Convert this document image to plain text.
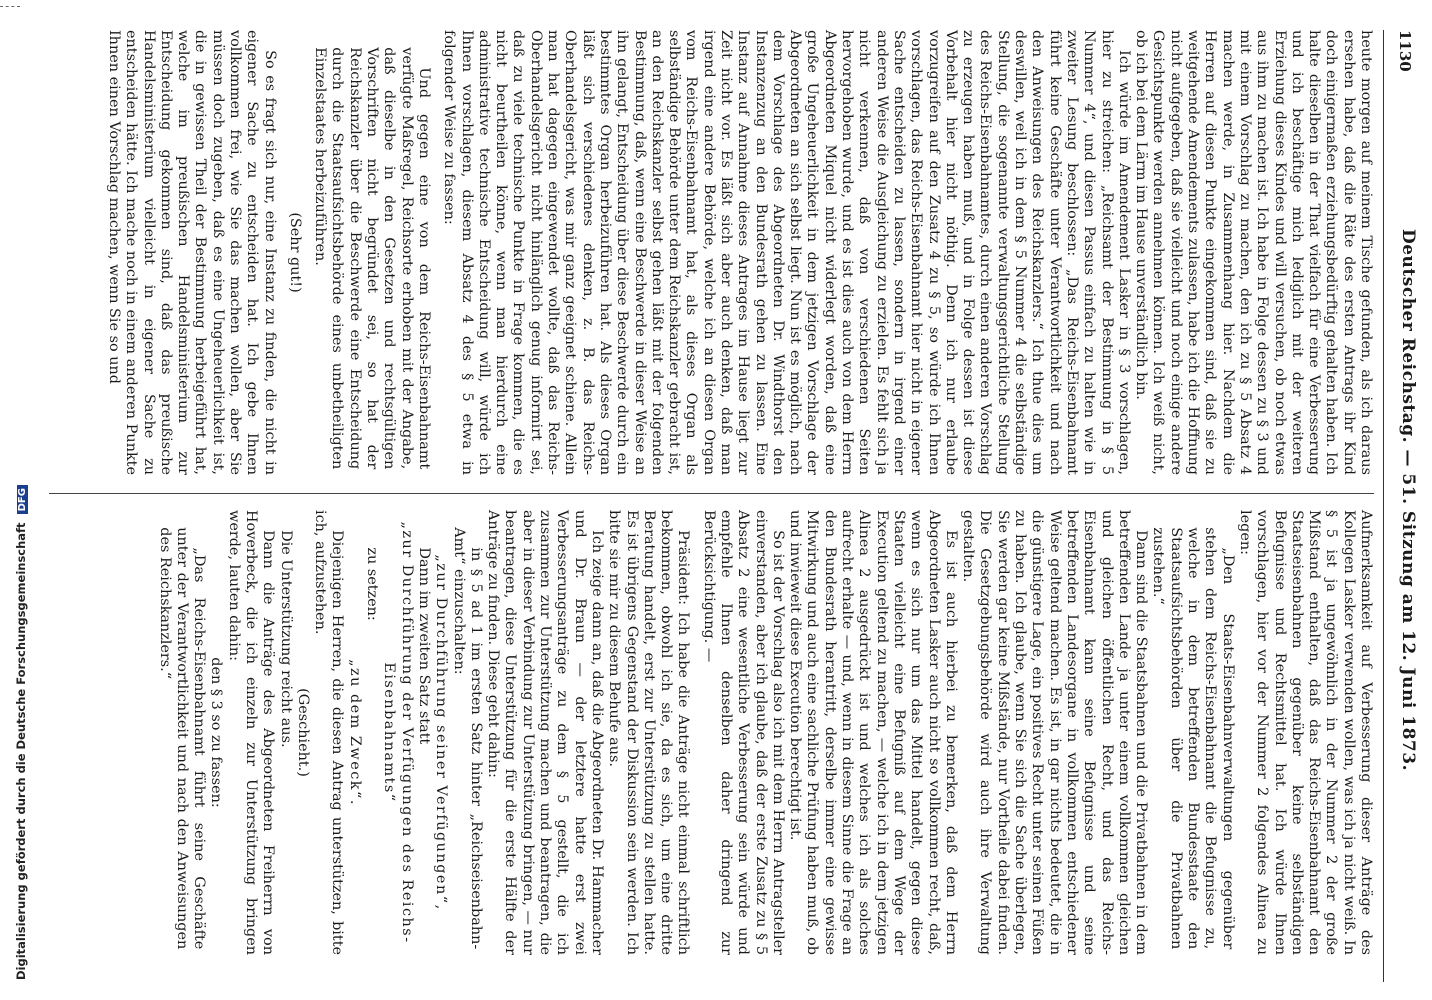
1130
Deutscher Reichstag. — 51. Sitzung am 12. Juni 1873.

heute morgen auf meinem Tische gefunden, als ich daraus ersehen habe, daß die Räte des ersten Antrags ihr Kind doch einigermaßen erziehungsbedürftig gehalten haben. Ich halte dieselben in der That vielfach für eine Verbesserung und ich beschäftige mich lediglich mit der weiteren Erziehung dieses Kindes und will versuchen, ob noch etwas aus ihm zu machen ist. Ich habe in Folge dessen zu § 3 und mit einem Vorschlag zu machen, den ich zu § 5 Absatz 4 machen werde, in Zusammenhang hier. Nachdem die Herren auf diesen Punkte eingekommen sind, daß sie zu weitgehende Amendements zulassen, habe ich die Hoffnung nicht aufgegeben, daß sie vielleicht und noch einige andere Gesichtspunkte werden annehmen können. Ich weiß nicht, ob ich bei dem Lärm im Hause unverständlich bin.

Ich würde im Amendement Lasker in § 3 vorschlagen, hier zu streichen: „Reichsamt der Bestimmung in § 5 Nummer 4“, und diesen Passus einfach zu halten wie in zweiter Lesung beschlossen: „Das Reichs-Eisenbahnamt führt keine Geschäfte unter Verantwortlichkeit und nach den Anweisungen des Reichskanzlers.“ Ich thue dies um deswillen, weil ich in dem § 5 Nummer 4 die selbständige Stellung, die sogenannte verwaltungsgerichtliche Stellung des Reichs-Eisenbahnamtes, durch einen anderen Vorschlag zu erzeugen haben muß, und in Folge dessen ist diese Vorbehalt hier nicht nöthig. Denn ich nur erlaube vorzugreifen auf den Zusatz 4 zu § 5, so würde ich Ihnen vorschlagen, das Reichs-Eisenbahnamt hier nicht in eigener Sache entscheiden zu lassen, sondern in irgend einer anderen Weise die Ausgleichung zu erzielen. Es fehlt sich ja nicht verkennen, daß von verschiedenen Seiten hervorgehoben wurde, und es ist dies auch von dem Herrn Abgeordneten Miquel nicht widerlegt worden, daß eine große Ungeheuerlichkeit in dem jetzigen Vorschlage der Abgeordneten an sich selbst liegt. Nun ist es möglich, nach dem Vorschlage des Abgeordneten Dr. Windthorst den Instanzenzug an den Bundesrath gehen zu lassen. Eine Instanz auf Annahme dieses Antrages im Hause liegt zur Zeit nicht vor. Es läßt sich aber auch denken, daß man irgend eine andere Behörde, welche ich an diesen Organ vom Reichs-Eisenbahnamt hat, als dieses Organ als selbständige Behörde unter dem Reichskanzler gebracht ist, an den Reichskanzler selbst gehen läßt mit der folgenden Bestimmung, daß, wenn eine Beschwerde in dieser Weise an ihn gelangt, Entscheidung über diese Beschwerde durch ein bestimmtes Organ herbeizuführen hat. Als dieses Organ läßt sich verschiedenes denken, z. B. das Reichs-Oberhandelsgericht, was mir ganz geeignet schiene. Allein man hat dagegen eingewendet wollte, daß das Reichs-Oberhandelsgericht nicht hinlänglich genug informirt sei, daß zu viele technische Punkte in Frage kommen, die es nicht beurtheilen könne, wenn man hierdurch eine administrative technische Entscheidung will, würde ich Ihnen vorschlagen, diesem Absatz 4 des § 5 etwa in folgender Weise zu fassen:

Und gegen eine von dem Reichs-Eisenbahnamt verfügte Maßregel, Reichsorte erhoben mit der Angabe, daß dieselbe in den Gesetzen und rechtsgültigen Vorschriften nicht begründet sei, so hat der Reichskanzler über die Beschwerde eine Entscheidung durch die Staatsaufsichtsbehörde eines unbetheiligten Einzelstaates herbeizuführen.

(Sehr gut!)

So es fragt sich nur, eine Instanz zu finden, die nicht in eigener Sache zu entscheiden hat. Ich gebe Ihnen vollkommen frei, wie Sie das machen wollen, aber Sie müssen doch zugeben, daß es eine Ungeheuerlichkeit ist, die in gewissen Theil der Bestimmung herbeigeführt hat, welche im preußischen Handelsministerium zur Entscheidung gekommen sind, daß das preußische Handelsministerium vielleicht in eigener Sache zu entscheiden hätte. Ich mache noch in einem anderen Punkte Ihnen einen Vorschlag machen, wenn Sie so und

Aufmerksamkeit auf Verbesserung dieser Anträge des Kollegen Lasker verwenden wollen, was ich ja nicht weiß. In § 5 ist ja ungewöhnlich in der Nummer 2 der große Mißstand enthalten, daß das Reichs-Eisenbahnamt den Staatseisenbahnen gegenüber keine selbständigen Befugnisse und Rechtsmittel hat. Ich würde Ihnen vorschlagen, hier vor der Nummer 2 folgendes Alinea zu legen:

„Den Staats-Eisenbahnverwaltungen gegenüber stehen dem Reichs-Eisenbahnamt die Befugnisse zu, welche in dem betreffenden Bundesstaate den Staatsaufsichtsbehörden über die Privatbahnen zustehen.“

Dann sind die Staatsbahnen und die Privatbahnen in dem betreffenden Lande ja unter einem vollkommen gleichen und gleichen öffentlichen Recht, und das Reichs-Eisenbahnamt kann seine Befugnisse und seine betreffenden Landesorgane in vollkommen entschiedener Weise geltend machen. Es ist, in gar nichts bedeutet, die in die günstigere Lage, ein positives Recht unter seinen Füßen zu haben. Ich glaube, wenn Sie sich die Sache überlegen, Sie werden gar keine Mißstände, nur Vortheile dabei finden. Die Gesetzgebungsbehörde wird auch ihre Verwaltung gestalten.

Es ist auch hierbei zu bemerken, daß dem Herrn Abgeordneten Lasker auch nicht so vollkommen recht, daß, wenn es sich nur um das Mittel handelt, gegen diese Staaten vielleicht eine Befugniß auf dem Wege der Execution geltend zu machen, — welche ich in dem jetzigen Alinea 2 ausgedrückt ist und welches ich als solches aufrecht erhalte — und, wenn in diesem Sinne die Frage an den Bundesrath herantritt, derselbe immer eine gewisse Mitwirkung und auch eine sachliche Prüfung haben muß, ob und inwieweit diese Execution berechtigt ist.

So ist der Vorschlag also ich mit dem Herrn Antragsteller einverstanden, aber ich glaube, daß der erste Zusatz zu § 5 Absatz 2 eine wesentliche Verbesserung sein würde und empfehle Ihnen denselben daher dringend zur Berücksichtigung. —

Präsident: Ich habe die Anträge nicht einmal schriftlich bekommen, obwohl ich sie, da es sich, um eine dritte Beratung handelt, erst zur Unterstützung zu stellen hatte. Es ist übrigens Gegenstand der Diskussion sein werden. Ich bitte sie mir zu diesem Behufe aus.

Ich zeige dann an, daß die Abgeordneten Dr. Hammacher und Dr. Braun — der letztere hatte erst zwei Verbesserungsanträge zu dem § 5 gestellt, die ich zusammen zur Unterstützung machen und beantragen, die aber in dieser Verbindung zur Unterstützung bringen, — nur beantragen, diese Unterstützung für die erste Hälfte der Anträge zu finden. Diese geht dahin:

in § 5 ad 1 im ersten Satz hinter „Reichseisenbahn-Amt“ einzuschalten:

„zur Durchführung seiner Verfügungen“,

Dann im zweiten Satz statt

„zur Durchführung der Verfügungen des Reichs-Eisenbahnamts“

zu setzen:

„zu dem Zweck“.

Diejenigen Herren, die diesen Antrag unterstützen, bitte ich, aufzustehen.

(Geschieht.)

Die Unterstützung reicht aus.

Dann die Anträge des Abgeordneten Freiherrn von Hoverbeck, die ich einzeln zur Unterstützung bringen werde, lauten dahin:

den § 3 so zu fassen:

„Das Reichs-Eisenbahnamt führt seine Geschäfte unter der Verantwortlichkeit und nach den Anweisungen des Reichskanzlers.“

Digitalisierung gefördert durch die Deutsche Forschungsgemeinschaft DFG
